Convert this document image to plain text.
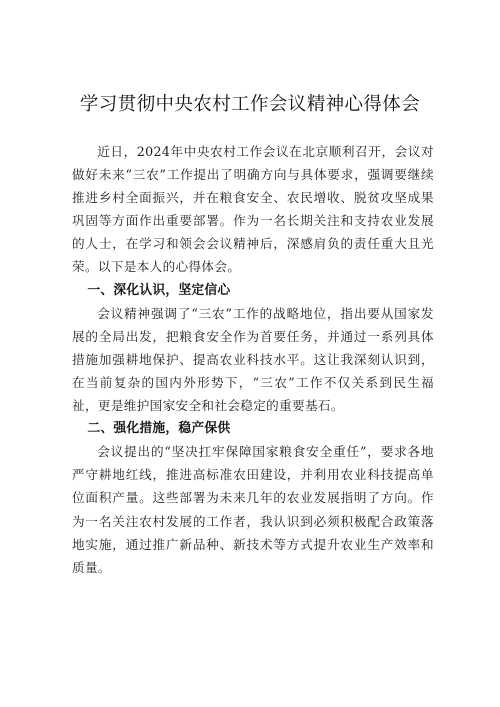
学习贯彻中央农村工作会议精神心得体会

近日，2024年中央农村工作会议在北京顺利召开，会议对做好未来“三农”工作提出了明确方向与具体要求，强调要继续推进乡村全面振兴，并在粮食安全、农民增收、脱贫攻坚成果巩固等方面作出重要部署。作为一名长期关注和支持农业发展的人士，在学习和领会会议精神后，深感肩负的责任重大且光荣。以下是本人的心得体会。

一、深化认识，坚定信心

会议精神强调了“三农”工作的战略地位，指出要从国家发展的全局出发，把粮食安全作为首要任务，并通过一系列具体措施加强耕地保护、提高农业科技水平。这让我深刻认识到，在当前复杂的国内外形势下，“三农”工作不仅关系到民生福祉，更是维护国家安全和社会稳定的重要基石。

二、强化措施，稳产保供

会议提出的“坚决扛牢保障国家粮食安全重任”，要求各地严守耕地红线，推进高标准农田建设，并利用农业科技提高单位面积产量。这些部署为未来几年的农业发展指明了方向。作为一名关注农村发展的工作者，我认识到必须积极配合政策落地实施，通过推广新品种、新技术等方式提升农业生产效率和质量。
